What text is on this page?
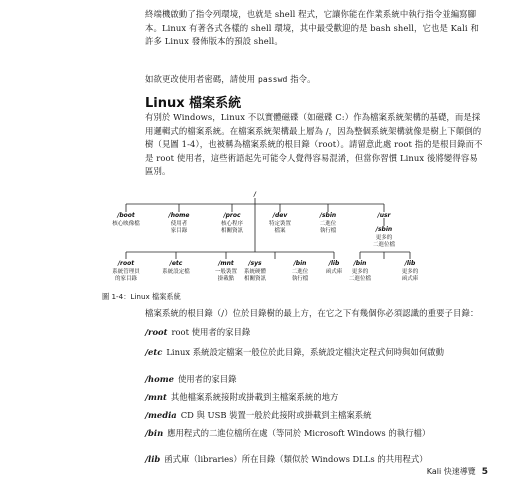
終端機啟動了指令列環境，也就是 shell 程式，它讓你能在作業系統中執行指令並編寫腳本。Linux 有著各式各樣的 shell 環境，其中最受歡迎的是 bash shell，它也是 Kali 和許多 Linux 發佈版本的預設 shell。

如欲更改使用者密碼，請使用 passwd 指令。

Linux 檔案系統

有別於 Windows，Linux 不以實體磁碟（如磁碟 C:）作為檔案系統架構的基礎，而是採用邏輯式的檔案系統。在檔案系統架構最上層為 /，因為整個系統架構就像是樹上下顛倒的樹（見圖 1-4），也被稱為檔案系統的根目錄（root）。請留意此處 root 指的是根目錄而不是 root 使用者，這些術語起先可能令人覺得容易混淆，但當你習慣 Linux 後將變得容易區別。

/
/boot
核心映像檔
/home
使用者
家目錄
/proc
核心程序
相關資訊
/dev
特定裝置
檔案
/sbin
二進位
執行檔
/usr
/sbin
更多的
二進位檔
/root
系統管理員
的家目錄
/etc
系統設定檔
/mnt
一般裝置
掛載點
/sys
系統硬體
相關資訊
/bin
二進位
執行檔
/lib
函式庫
/bin
更多的
二進位檔
/lib
更多的
函式庫
圖 1-4：Linux 檔案系統

檔案系統的根目錄（/）位於目錄樹的最上方，在它之下有幾個你必須認識的重要子目錄：

/root root 使用者的家目錄

/etc Linux 系統設定檔案一般位於此目錄，系統設定檔決定程式何時與如何啟動

/home 使用者的家目錄

/mnt 其他檔案系統接附或掛載到主檔案系統的地方

/media CD 與 USB 裝置一般於此接附或掛載到主檔案系統

/bin 應用程式的二進位檔所在處（等同於 Microsoft Windows 的執行檔）

/lib 函式庫（libraries）所在目錄（類似於 Windows DLLs 的共用程式）

Kali 快速導覽 5
